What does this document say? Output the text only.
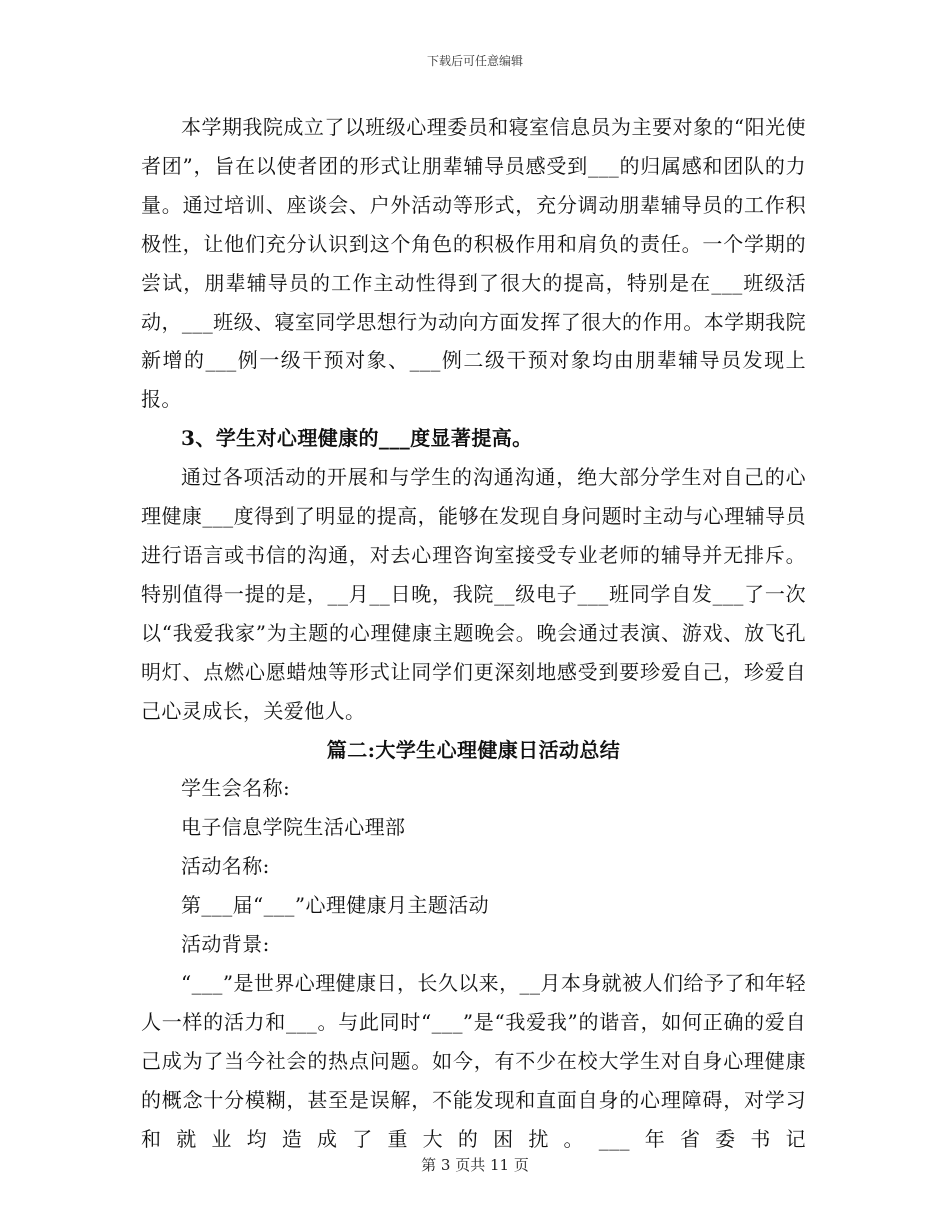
下载后可任意编辑

本学期我院成立了以班级心理委员和寝室信息员为主要对象的“阳光使者团”，旨在以使者团的形式让朋辈辅导员感受到___的归属感和团队的力量。通过培训、座谈会、户外活动等形式，充分调动朋辈辅导员的工作积极性，让他们充分认识到这个角色的积极作用和肩负的责任。一个学期的尝试，朋辈辅导员的工作主动性得到了很大的提高，特别是在___班级活动，___班级、寝室同学思想行为动向方面发挥了很大的作用。本学期我院新增的___例一级干预对象、___例二级干预对象均由朋辈辅导员发现上报。

3、学生对心理健康的___度显著提高。

通过各项活动的开展和与学生的沟通沟通，绝大部分学生对自己的心理健康___度得到了明显的提高，能够在发现自身问题时主动与心理辅导员进行语言或书信的沟通，对去心理咨询室接受专业老师的辅导并无排斥。特别值得一提的是，__月__日晚，我院__级电子___班同学自发___了一次以“我爱我家”为主题的心理健康主题晚会。晚会通过表演、游戏、放飞孔明灯、点燃心愿蜡烛等形式让同学们更深刻地感受到要珍爱自己，珍爱自己心灵成长，关爱他人。

篇二:大学生心理健康日活动总结

学生会名称:

电子信息学院生活心理部

活动名称:

第___届“___”心理健康月主题活动

活动背景:

“___”是世界心理健康日，长久以来，__月本身就被人们给予了和年轻人一样的活力和___。与此同时“___”是“我爱我”的谐音，如何正确的爱自己成为了当今社会的热点问题。如今，有不少在校大学生对自身心理健康的概念十分模糊，甚至是误解，不能发现和直面自身的心理障碍，对学习和就业均造成了重大的困扰。___年省委书记

第 3 页共 11 页
